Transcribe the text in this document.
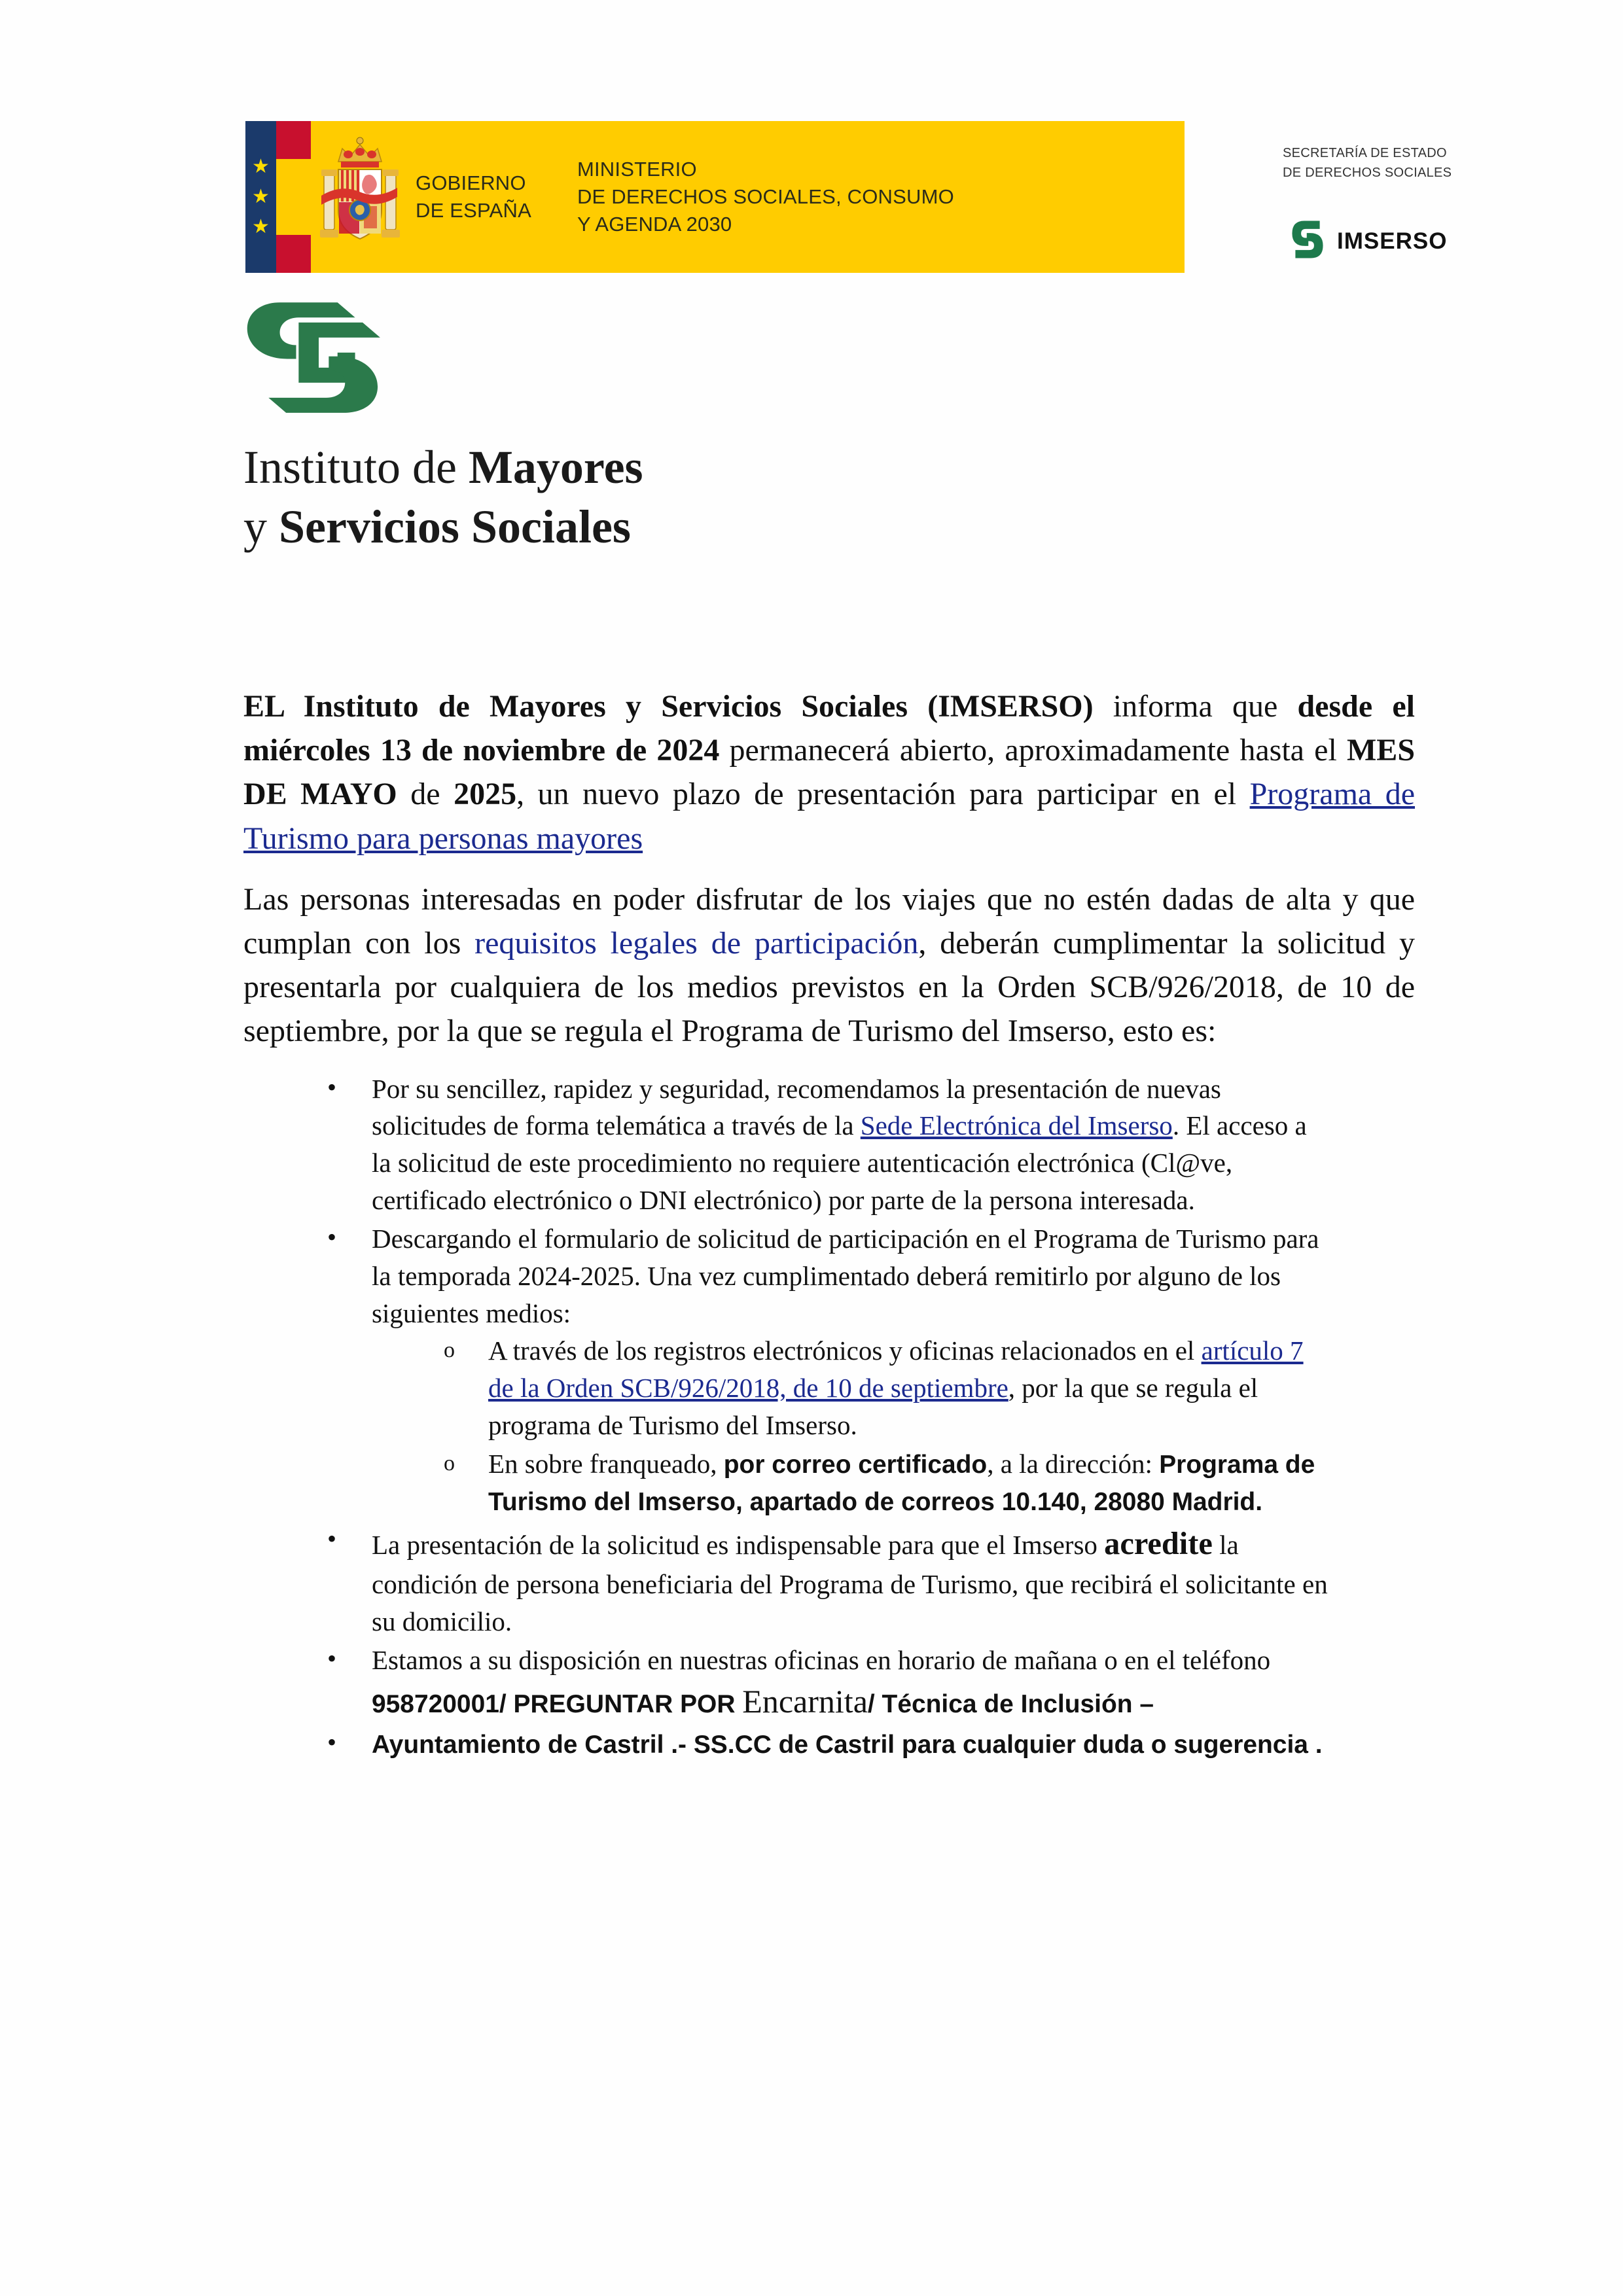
★
★
★
GOBIERNO
DE ESPAÑA
MINISTERIO
DE DERECHOS SOCIALES, CONSUMO
Y AGENDA 2030
SECRETARÍA DE ESTADO
DE DERECHOS SOCIALES
IMSERSO
Instituto de Mayores
y Servicios Sociales

EL Instituto de Mayores y Servicios Sociales (IMSERSO) informa que desde el miércoles 13 de noviembre de 2024 permanecerá abierto, aproximadamente hasta el MES DE MAYO de 2025, un nuevo plazo de presentación para participar en el Programa de Turismo para personas mayores

Las personas interesadas en poder disfrutar de los viajes que no estén dadas de alta y que cumplan con los requisitos legales de participación, deberán cumplimentar la solicitud y presentarla por cualquiera de los medios previstos en la Orden SCB/926/2018, de 10 de septiembre, por la que se regula el Programa de Turismo del Imserso, esto es:

• Por su sencillez, rapidez y seguridad, recomendamos la presentación de nuevas solicitudes de forma telemática a través de la Sede Electrónica del Imserso. El acceso a la solicitud de este procedimiento no requiere autenticación electrónica (Cl@ve, certificado electrónico o DNI electrónico) por parte de la persona interesada.
• Descargando el formulario de solicitud de participación en el Programa de Turismo para la temporada 2024-2025. Una vez cumplimentado deberá remitirlo por alguno de los siguientes medios:
o A través de los registros electrónicos y oficinas relacionados en el artículo 7 de la Orden SCB/926/2018, de 10 de septiembre, por la que se regula el programa de Turismo del Imserso.
o En sobre franqueado, por correo certificado, a la dirección: Programa de Turismo del Imserso, apartado de correos 10.140, 28080 Madrid.
• La presentación de la solicitud es indispensable para que el Imserso acredite la condición de persona beneficiaria del Programa de Turismo, que recibirá el solicitante en su domicilio.
• Estamos a su disposición en nuestras oficinas en horario de mañana o en el teléfono 958720001/ PREGUNTAR POR Encarnita/ Técnica de Inclusión –
• Ayuntamiento de Castril .- SS.CC de Castril para cualquier duda o sugerencia .
